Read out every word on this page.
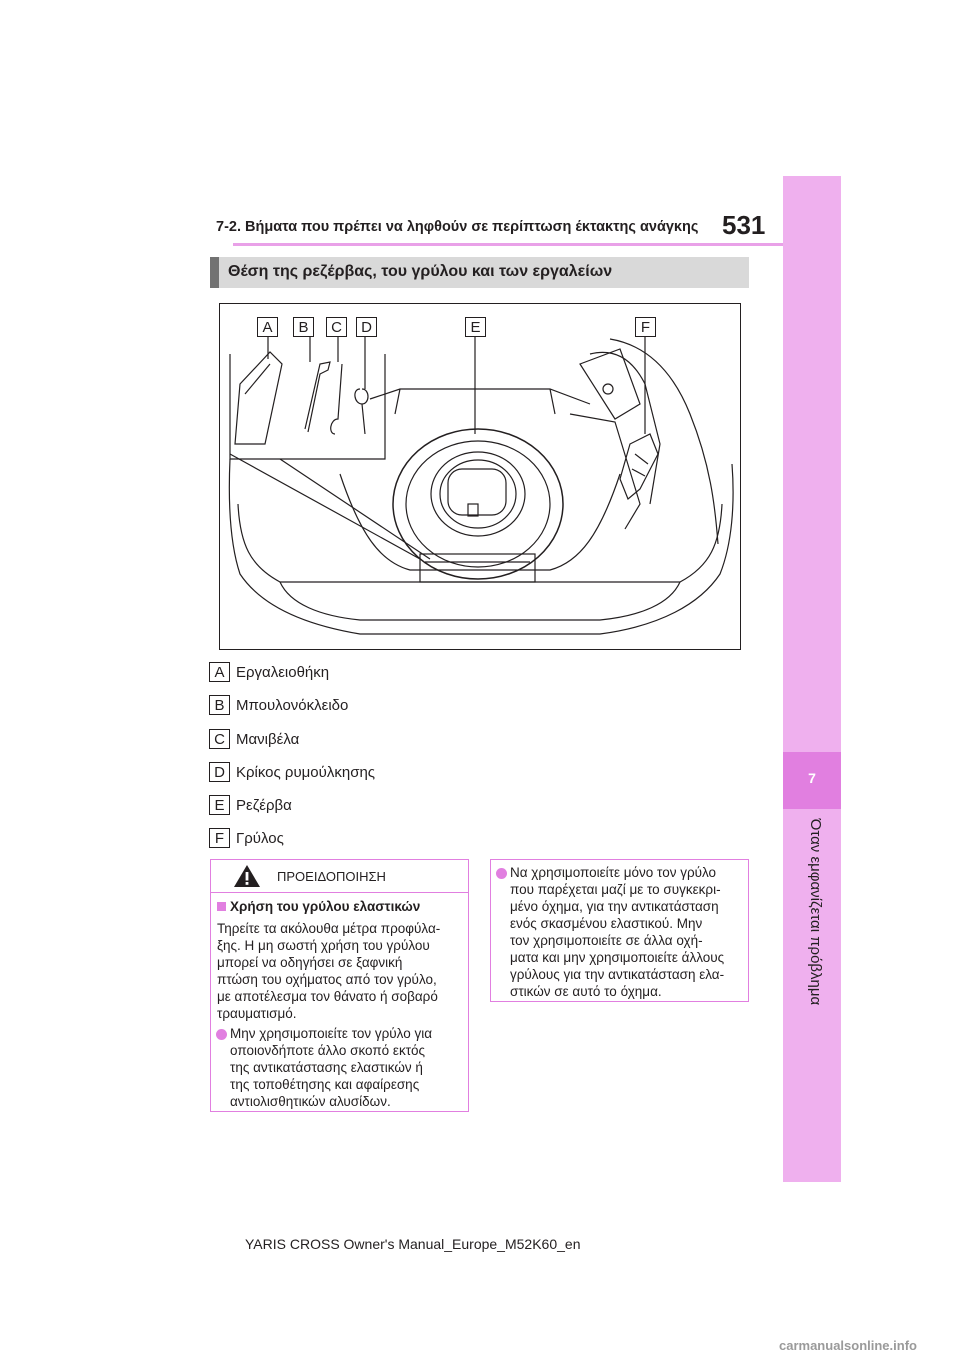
7
Όταν εμφανίζεται πρόβλημα
7-2. Βήματα που πρέπει να ληφθούν σε περίπτωση έκτακτης ανάγκης 531
Θέση της ρεζέρβας, του γρύλου και των εργαλείων
A	B	C	D	E	F
A Εργαλειοθήκη
B Μπουλονόκλειδο
C Μανιβέλα
D Κρίκος ρυμούλκησης
E Ρεζέρβα
F Γρύλος
ΠΡΟΕΙΔΟΠΟΙΗΣΗ
Χρήση του γρύλου ελαστικών
Τηρείτε τα ακόλουθα μέτρα προφύλα-
ξης. Η μη σωστή χρήση του γρύλου
μπορεί να οδηγήσει σε ξαφνική
πτώση του οχήματος από τον γρύλο,
με αποτέλεσμα τον θάνατο ή σοβαρό
τραυματισμό.
Μην χρησιμοποιείτε τον γρύλο για
οποιονδήποτε άλλο σκοπό εκτός
της αντικατάστασης ελαστικών ή
της τοποθέτησης και αφαίρεσης
αντιολισθητικών αλυσίδων.
Να χρησιμοποιείτε μόνο τον γρύλο
που παρέχεται μαζί με το συγκεκρι-
μένο όχημα, για την αντικατάσταση
ενός σκασμένου ελαστικού. Μην
τον χρησιμοποιείτε σε άλλα οχή-
ματα και μην χρησιμοποιείτε άλλους
γρύλους για την αντικατάσταση ελα-
στικών σε αυτό το όχημα.
YARIS CROSS Owner's Manual_Europe_M52K60_en
carmanualsonline.info
